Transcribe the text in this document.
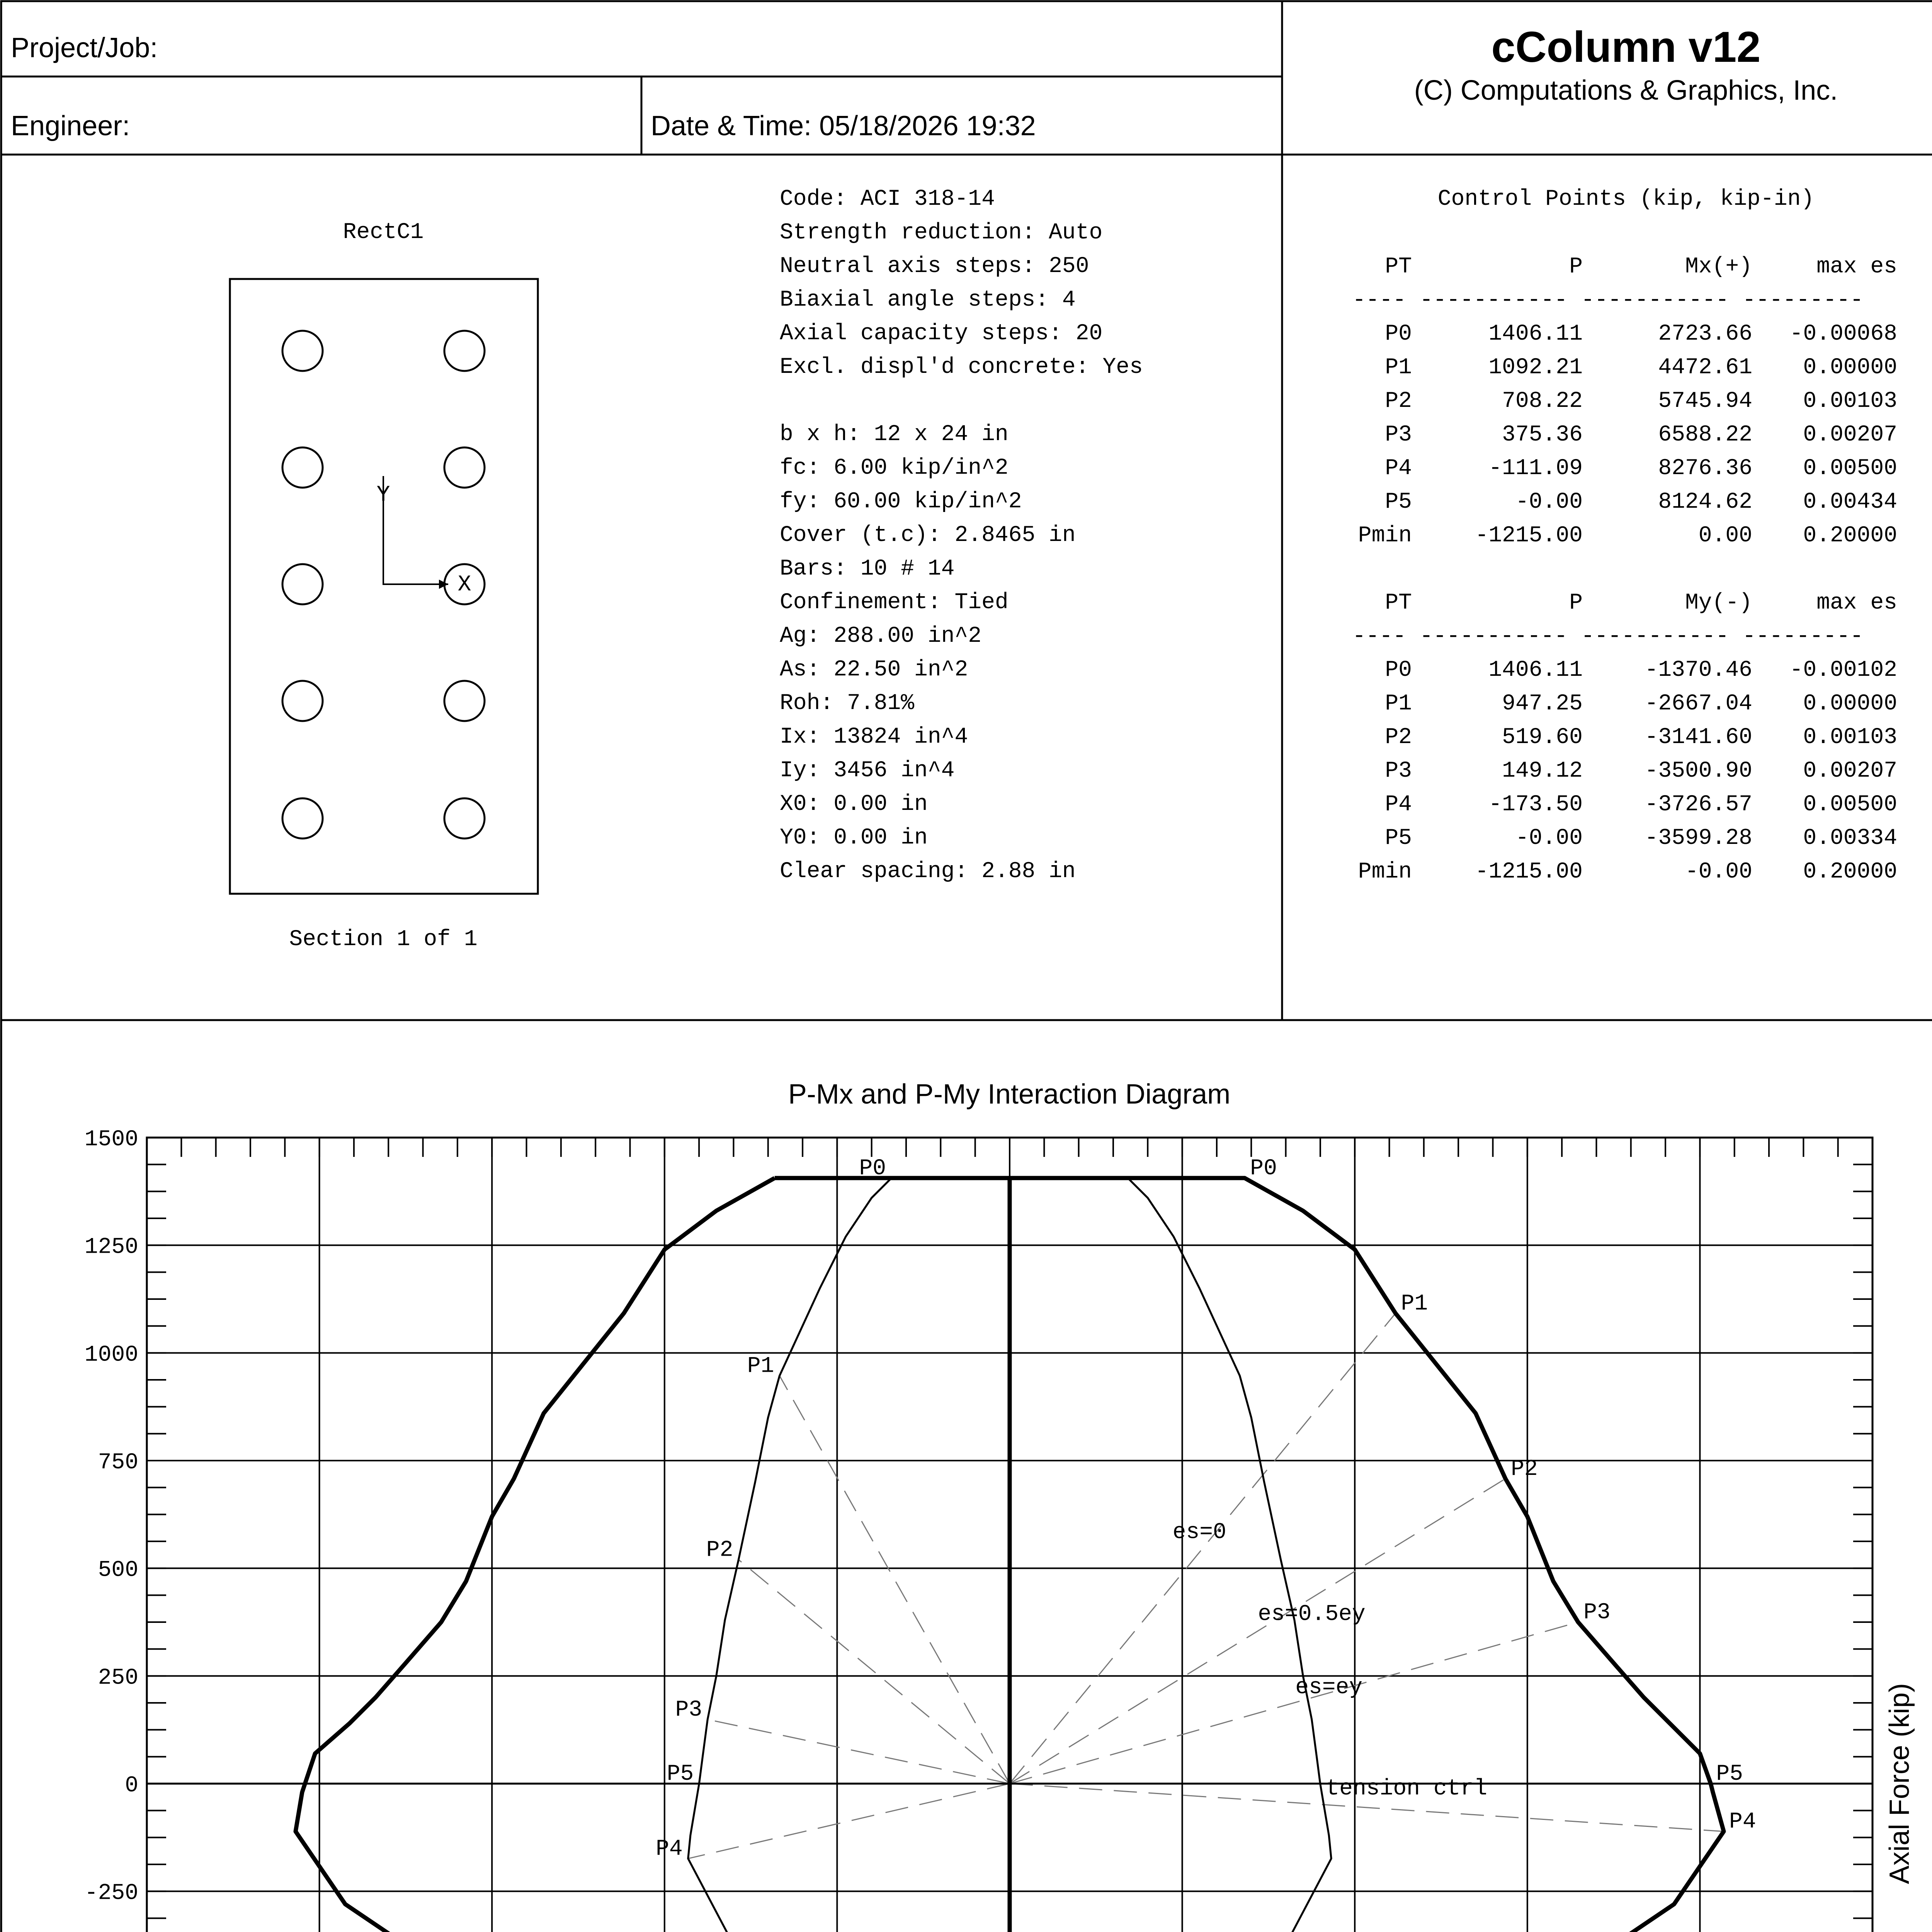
Project/Job:
Engineer:	Date & Time: 05/18/2026 19:32
cColumn v12
(C) Computations & Graphics, Inc.
RectC1
Y
X
Section 1 of 1
Code: ACI 318-14
Strength reduction: Auto
Neutral axis steps: 250
Biaxial angle steps: 4
Axial capacity steps: 20
Excl. displ'd concrete: Yes
b x h: 12 x 24 in
fc: 6.00 kip/in^2
fy: 60.00 kip/in^2
Cover (t.c): 2.8465 in
Bars: 10 # 14
Confinement: Tied
Ag: 288.00 in^2
As: 22.50 in^2
Roh: 7.81%
Ix: 13824 in^4
Iy: 3456 in^4
X0: 0.00 in
Y0: 0.00 in
Clear spacing: 2.88 in
Control Points (kip, kip-in)
PT	P	Mx(+)	max es
---- ----------- ----------- ---------
P0	1406.11	2723.66 -0.00068
P1	1092.21	4472.61 0.00000
P2	708.22	5745.94 0.00103
P3	375.36	6588.22 0.00207
P4	-111.09	8276.36 0.00500
P5	-0.00	8124.62 0.00434
Pmin	-1215.00	0.00 0.20000
PT	P	My(-)	max es
---- ----------- ----------- ---------
P0	1406.11	-1370.46 -0.00102
P1	947.25	-2667.04 0.00000
P2	519.60	-3141.60 0.00103
P3	149.12	-3500.90 0.00207
P4	-173.50	-3726.57 0.00500
P5	-0.00	-3599.28 0.00334
Pmin	-1215.00	-0.00 0.20000
P-Mx and P-My Interaction Diagram
-250
0
250
500
750
1000
1250
1500
P0
P1
P2
P3
P4
P5
P0
P1
P2
P3
P4
P5
es=0
es=0.5ey
es=ey
tension ctrl	Axial Force (kip)
